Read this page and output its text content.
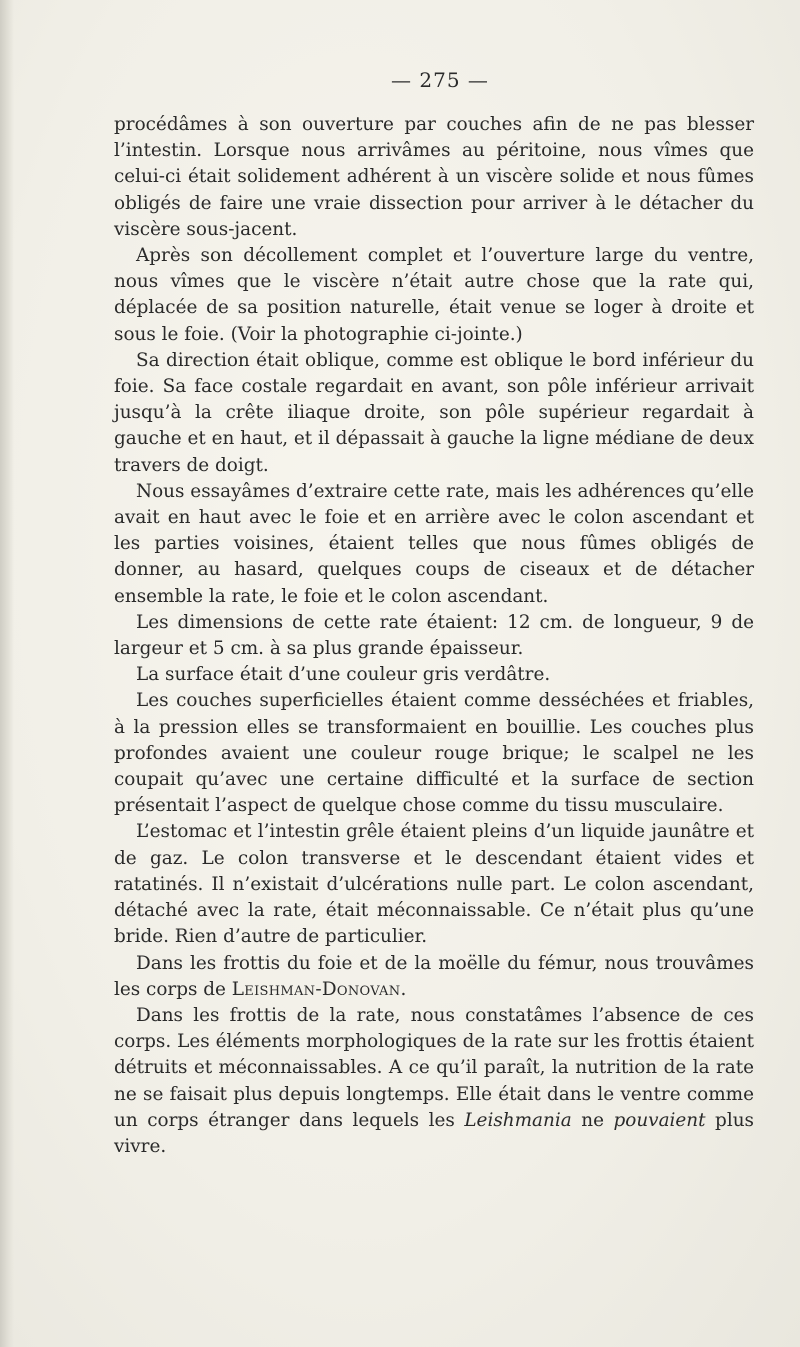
— 275 —

procédâmes à son ouverture par couches afin de ne pas blesser l’intestin. Lorsque nous arrivâmes au péritoine, nous vîmes que celui-ci était solidement adhérent à un viscère solide et nous fûmes obligés de faire une vraie dissection pour arriver à le détacher du viscère sous-jacent.

Après son décollement complet et l’ouverture large du ventre, nous vîmes que le viscère n’était autre chose que la rate qui, déplacée de sa position naturelle, était venue se loger à droite et sous le foie. (Voir la photographie ci-jointe.)

Sa direction était oblique, comme est oblique le bord inférieur du foie. Sa face costale regardait en avant, son pôle inférieur arrivait jusqu’à la crête iliaque droite, son pôle supérieur regardait à gauche et en haut, et il dépassait à gauche la ligne médiane de deux travers de doigt.

Nous essayâmes d’extraire cette rate, mais les adhérences qu’elle avait en haut avec le foie et en arrière avec le colon ascendant et les parties voisines, étaient telles que nous fûmes obligés de donner, au hasard, quelques coups de ciseaux et de détacher ensemble la rate, le foie et le colon ascendant.

Les dimensions de cette rate étaient: 12 cm. de longueur, 9 de largeur et 5 cm. à sa plus grande épaisseur.

La surface était d’une couleur gris verdâtre.

Les couches superficielles étaient comme desséchées et friables, à la pression elles se transformaient en bouillie. Les couches plus profondes avaient une couleur rouge brique; le scalpel ne les coupait qu’avec une certaine difficulté et la surface de section présentait l’aspect de quelque chose comme du tissu musculaire.

L’estomac et l’intestin grêle étaient pleins d’un liquide jaunâtre et de gaz. Le colon transverse et le descendant étaient vides et ratatinés. Il n’existait d’ulcérations nulle part. Le colon ascendant, détaché avec la rate, était méconnaissable. Ce n’était plus qu’une bride. Rien d’autre de particulier.

Dans les frottis du foie et de la moëlle du fémur, nous trouvâmes les corps de Leishman-Donovan.

Dans les frottis de la rate, nous constatâmes l’absence de ces corps. Les éléments morphologiques de la rate sur les frottis étaient détruits et méconnaissables. A ce qu’il paraît, la nutrition de la rate ne se faisait plus depuis longtemps. Elle était dans le ventre comme un corps étranger dans lequels les Leishmania ne pouvaient plus vivre.
